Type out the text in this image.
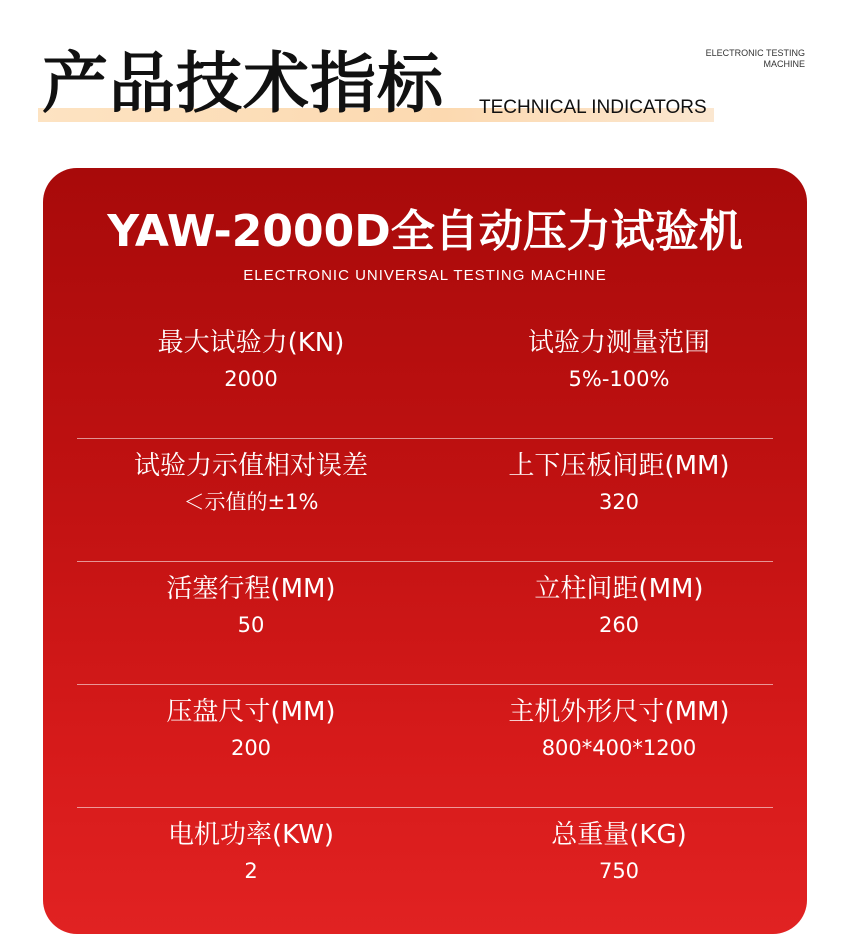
产品技术指标 TECHNICAL INDICATORS
ELECTRONIC TESTING
MACHINE
YAW-2000D全自动压力试验机
ELECTRONIC UNIVERSAL TESTING MACHINE
最大试验力(KN)
2000
试验力测量范围
5%-100%
试验力示值相对误差
＜示值的±1%
上下压板间距(MM)
320
活塞行程(MM)
50
立柱间距(MM)
260
压盘尺寸(MM)
200
主机外形尺寸(MM)
800*400*1200
电机功率(KW)
2
总重量(KG)
750
